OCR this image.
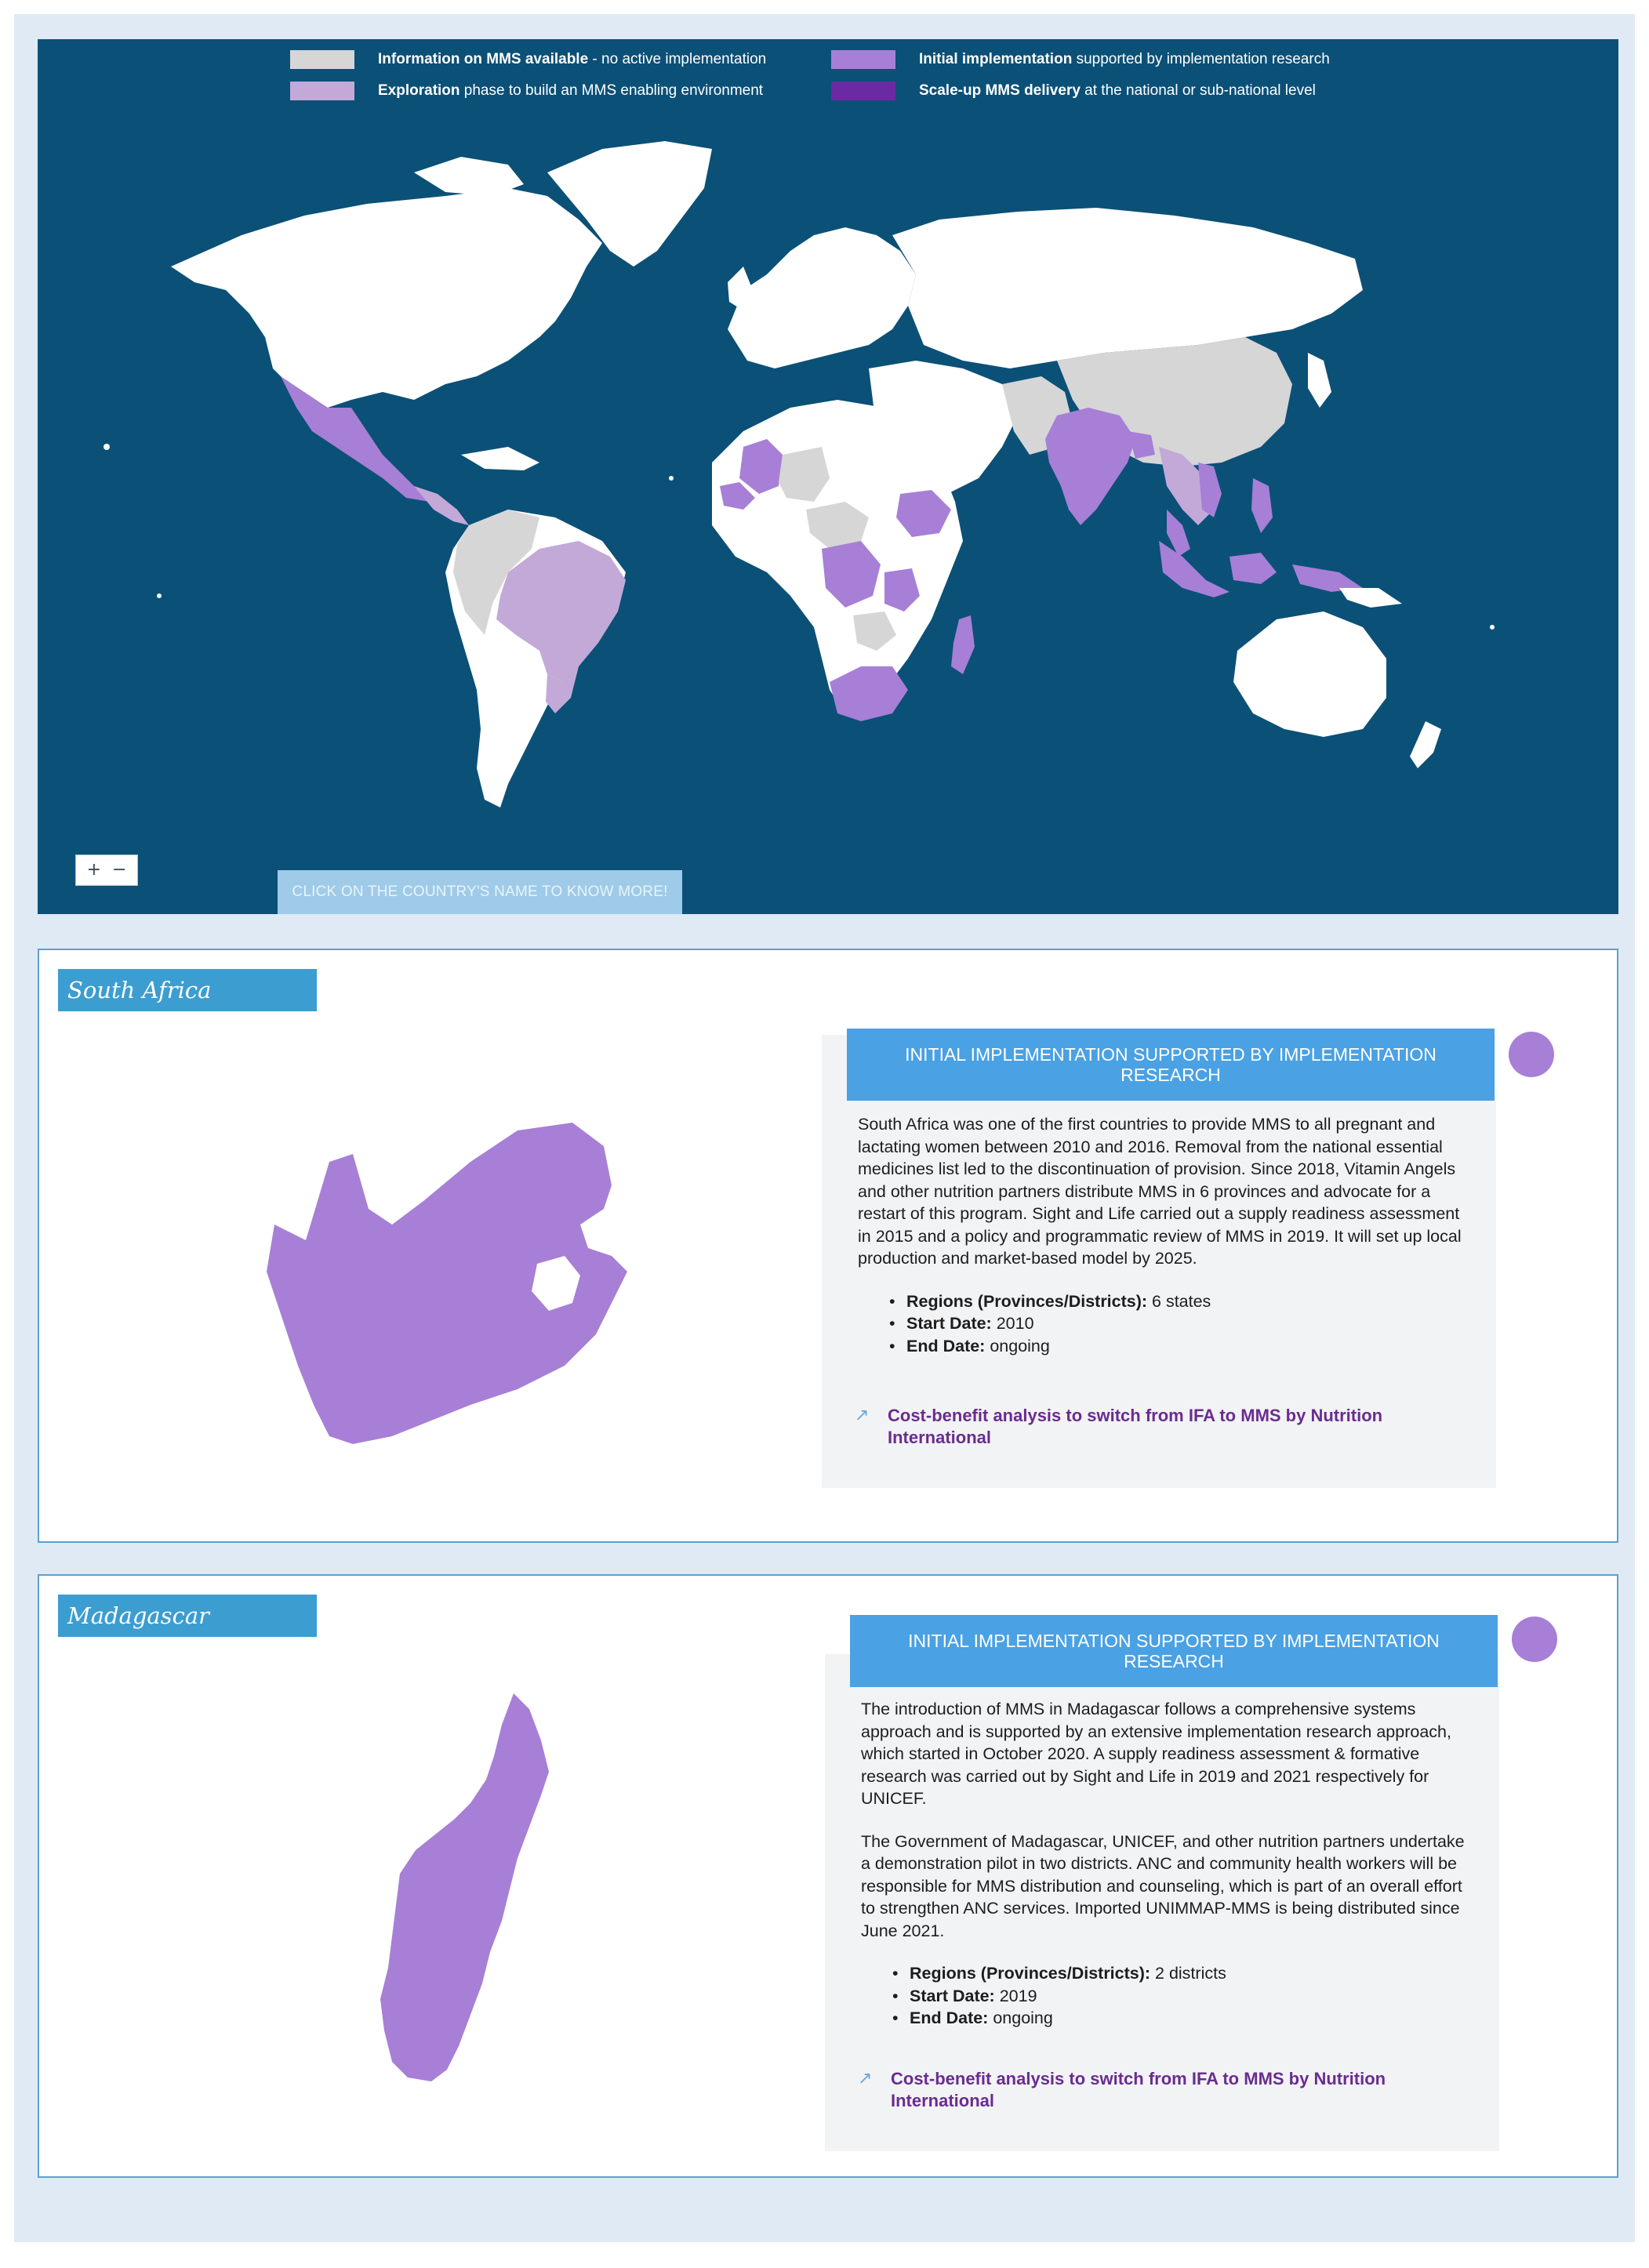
Information on MMS available - no active implementation
Exploration phase to build an MMS enabling environment
Initial implementation supported by implementation research
Scale-up MMS delivery at the national or sub-national level
+ −
CLICK ON THE COUNTRY'S NAME TO KNOW MORE!
South Africa
INITIAL IMPLEMENTATION SUPPORTED BY IMPLEMENTATION RESEARCH

South Africa was one of the first countries to provide MMS to all pregnant and lactating women between 2010 and 2016. Removal from the national essential medicines list led to the discontinuation of provision. Since 2018, Vitamin Angels and other nutrition partners distribute MMS in 6 provinces and advocate for a restart of this program. Sight and Life carried out a supply readiness assessment in 2015 and a policy and programmatic review of MMS in 2019. It will set up local production and market-based model by 2025.

• Regions (Provinces/Districts): 6 states
• Start Date: 2010
• End Date: ongoing
↗	Cost-benefit analysis to switch from IFA to MMS by Nutrition International
Madagascar
INITIAL IMPLEMENTATION SUPPORTED BY IMPLEMENTATION RESEARCH

The introduction of MMS in Madagascar follows a comprehensive systems approach and is supported by an extensive implementation research approach, which started in October 2020. A supply readiness assessment & formative research was carried out by Sight and Life in 2019 and 2021 respectively for UNICEF.

The Government of Madagascar, UNICEF, and other nutrition partners undertake a demonstration pilot in two districts. ANC and community health workers will be responsible for MMS distribution and counseling, which is part of an overall effort to strengthen ANC services. Imported UNIMMAP-MMS is being distributed since June 2021.

• Regions (Provinces/Districts): 2 districts
• Start Date: 2019
• End Date: ongoing
↗	Cost-benefit analysis to switch from IFA to MMS by Nutrition International
